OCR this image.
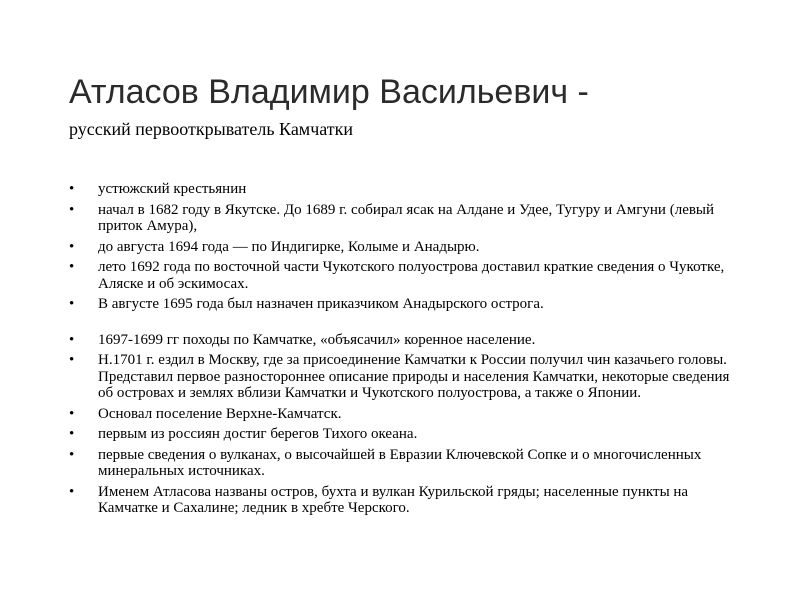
Атласов Владимир Васильевич -
русский первооткрыватель Камчатки
• устюжский крестьянин
• начал в 1682 году в Якутске. До 1689 г. собирал ясак на Алдане и Удее, Тугуру и Амгуни (левый приток Амура),
• до августа 1694 года — по Индигирке, Колыме и Анадырю.
• лето 1692 года по восточной части Чукотского полуострова доставил краткие сведения о Чукотке, Аляске и об эскимосах.
• В августе 1695 года был назначен приказчиком Анадырского острога.
• 1697-1699 гг походы по Камчатке, «объясачил» коренное население.
• Н.1701 г. ездил в Москву, где за присоединение Камчатки к России получил чин казачьего головы. Представил первое разностороннее описание природы и населения Камчатки, некоторые сведения об островах и землях вблизи Камчатки и Чукотского полуострова, а также о Японии.
• Основал поселение Верхне-Камчатск.
• первым из россиян достиг берегов Тихого океана.
• первые сведения о вулканах, о высочайшей в Евразии Ключевской Сопке и о многочисленных минеральных источниках.
• Именем Атласова названы остров, бухта и вулкан Курильской гряды; населенные пункты на Камчатке и Сахалине; ледник в хребте Черского.
